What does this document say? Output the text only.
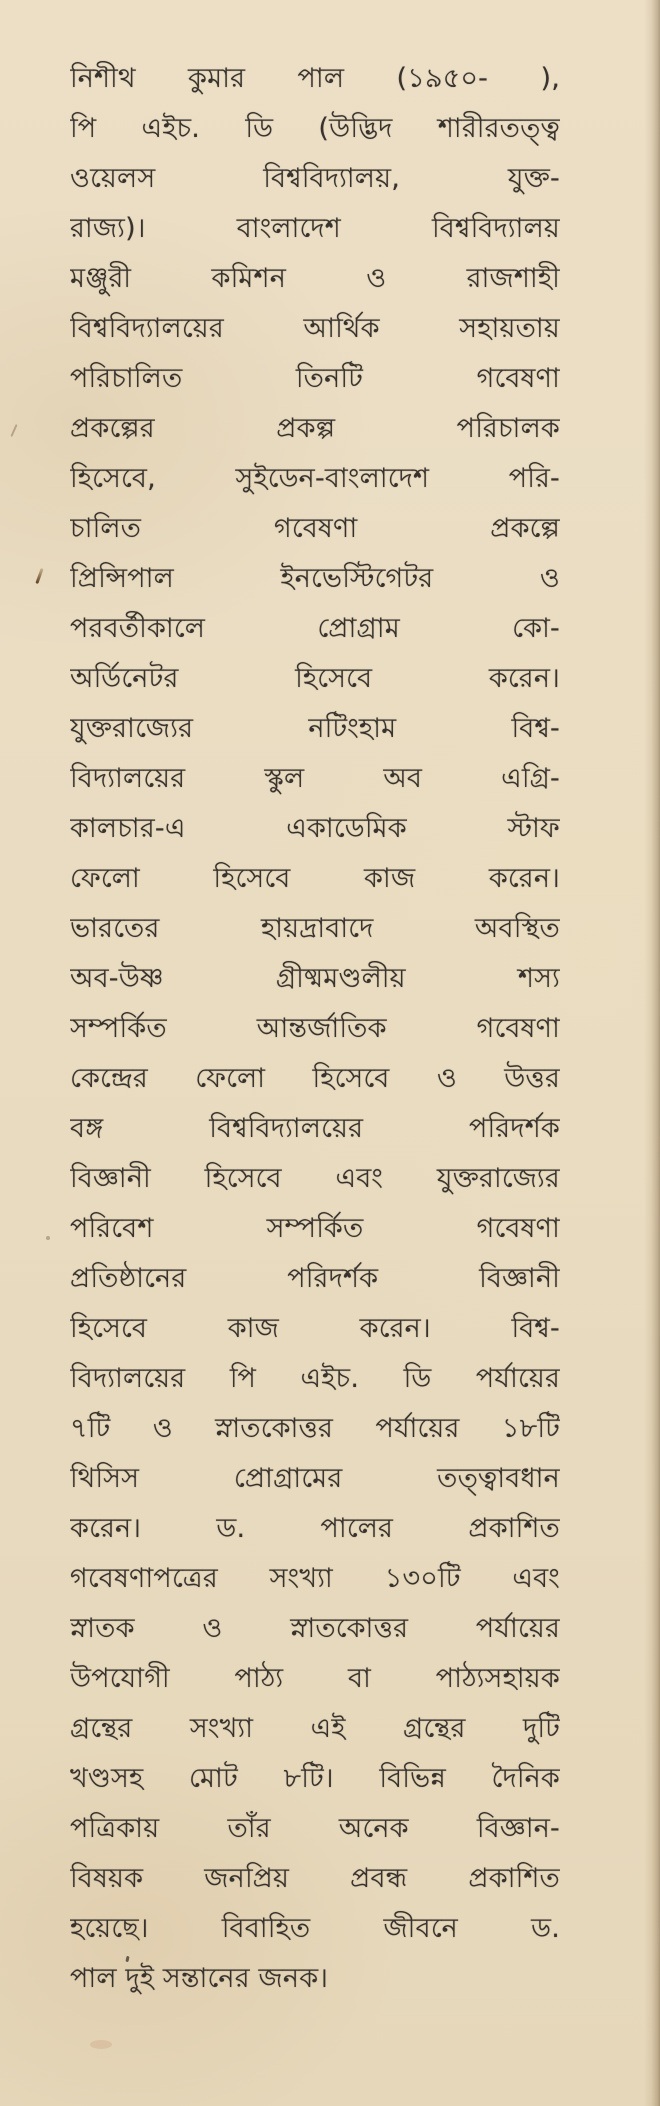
নিশীথ কুমার পাল (১৯৫০- ),
পি এইচ. ডি (উদ্ভিদ শারীরতত্ত্ব
ওয়েলস বিশ্ববিদ্যালয়, যুক্ত-
রাজ্য)। বাংলাদেশ বিশ্ববিদ্যালয়
মঞ্জুরী কমিশন ও রাজশাহী
বিশ্ববিদ্যালয়ের আর্থিক সহায়তায়
পরিচালিত তিনটি গবেষণা
প্রকল্পের প্রকল্প পরিচালক
হিসেবে, সুইডেন-বাংলাদেশ পরি-
চালিত গবেষণা প্রকল্পে
প্রিন্সিপাল ইনভেস্টিগেটর ও
পরবর্তীকালে প্রোগ্রাম কো-
অর্ডিনেটর হিসেবে করেন।
যুক্তরাজ্যের নটিংহাম বিশ্ব-
বিদ্যালয়ের স্কুল অব এগ্রি-
কালচার-এ একাডেমিক স্টাফ
ফেলো হিসেবে কাজ করেন।
ভারতের হায়দ্রাবাদে অবস্থিত
অব-উষ্ণ গ্রীষ্মমণ্ডলীয় শস্য
সম্পর্কিত আন্তর্জাতিক গবেষণা
কেন্দ্রের ফেলো হিসেবে ও উত্তর
বঙ্গ বিশ্ববিদ্যালয়ের পরিদর্শক
বিজ্ঞানী হিসেবে এবং যুক্তরাজ্যের
পরিবেশ সম্পর্কিত গবেষণা
প্রতিষ্ঠানের পরিদর্শক বিজ্ঞানী
হিসেবে কাজ করেন। বিশ্ব-
বিদ্যালয়ের পি এইচ. ডি পর্যায়ের
৭টি ও স্নাতকোত্তর পর্যায়ের ১৮টি
থিসিস প্রোগ্রামের তত্ত্বাবধান
করেন। ড. পালের প্রকাশিত
গবেষণাপত্রের সংখ্যা ১৩০টি এবং
স্নাতক ও স্নাতকোত্তর পর্যায়ের
উপযোগী পাঠ্য বা পাঠ্যসহায়ক
গ্রন্থের সংখ্যা এই গ্রন্থের দুটি
খণ্ডসহ মোট ৮টি। বিভিন্ন দৈনিক
পত্রিকায় তাঁর অনেক বিজ্ঞান-
বিষয়ক জনপ্রিয় প্রবন্ধ প্রকাশিত
হয়েছে। বিবাহিত জীবনে ড.
পাল দুই সন্তানের জনক।
